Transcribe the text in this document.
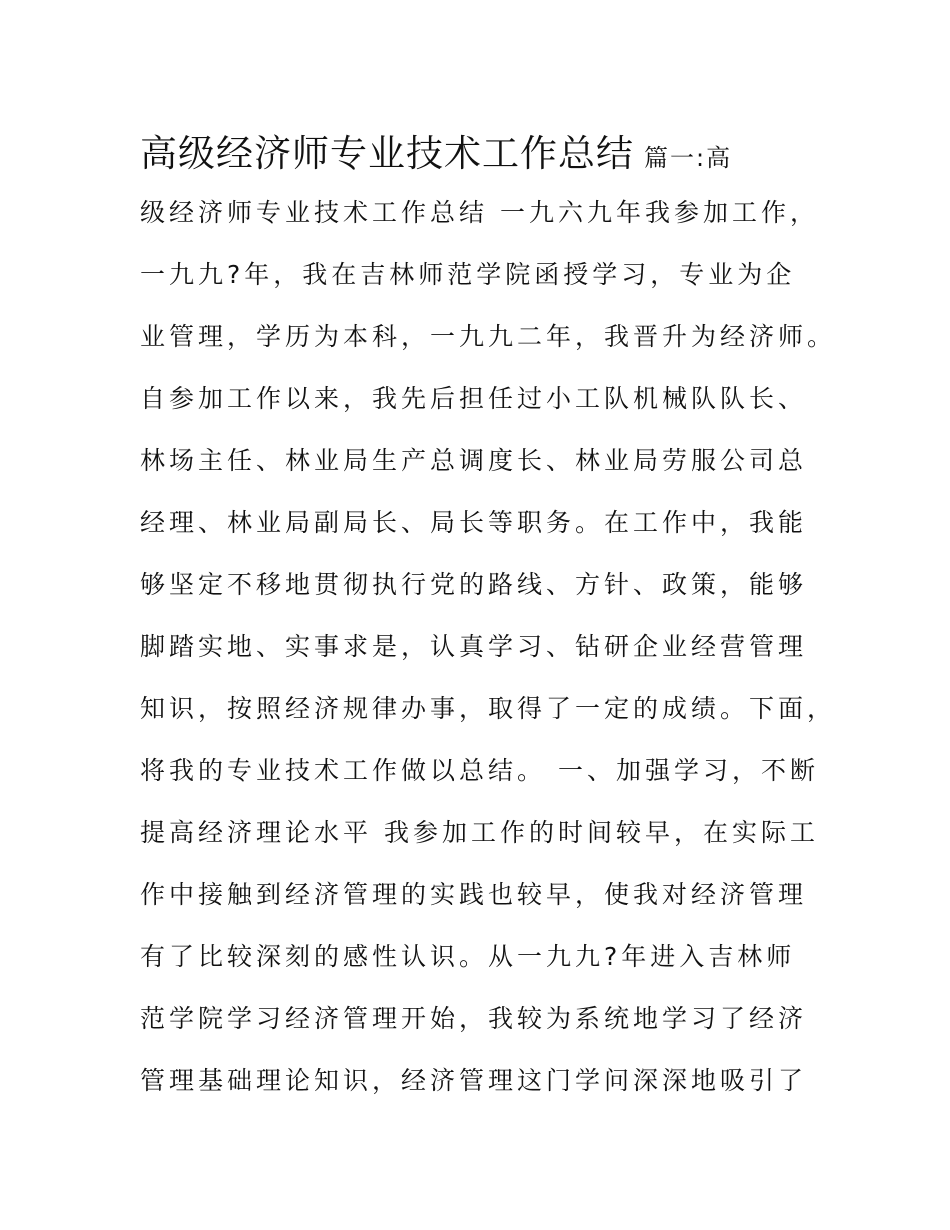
高级经济师专业技术工作总结 篇一:高
级经济师专业技术工作总结 一九六九年我参加工作，
一九九?年，我在吉林师范学院函授学习，专业为企
业管理，学历为本科，一九九二年，我晋升为经济师。
自参加工作以来，我先后担任过小工队机械队队长、
林场主任、林业局生产总调度长、林业局劳服公司总
经理、林业局副局长、局长等职务。在工作中，我能
够坚定不移地贯彻执行党的路线、方针、政策，能够
脚踏实地、实事求是，认真学习、钻研企业经营管理
知识，按照经济规律办事，取得了一定的成绩。下面，
将我的专业技术工作做以总结。 一、加强学习，不断
提高经济理论水平 我参加工作的时间较早，在实际工
作中接触到经济管理的实践也较早，使我对经济管理
有了比较深刻的感性认识。从一九九?年进入吉林师
范学院学习经济管理开始，我较为系统地学习了经济
管理基础理论知识，经济管理这门学问深深地吸引了
